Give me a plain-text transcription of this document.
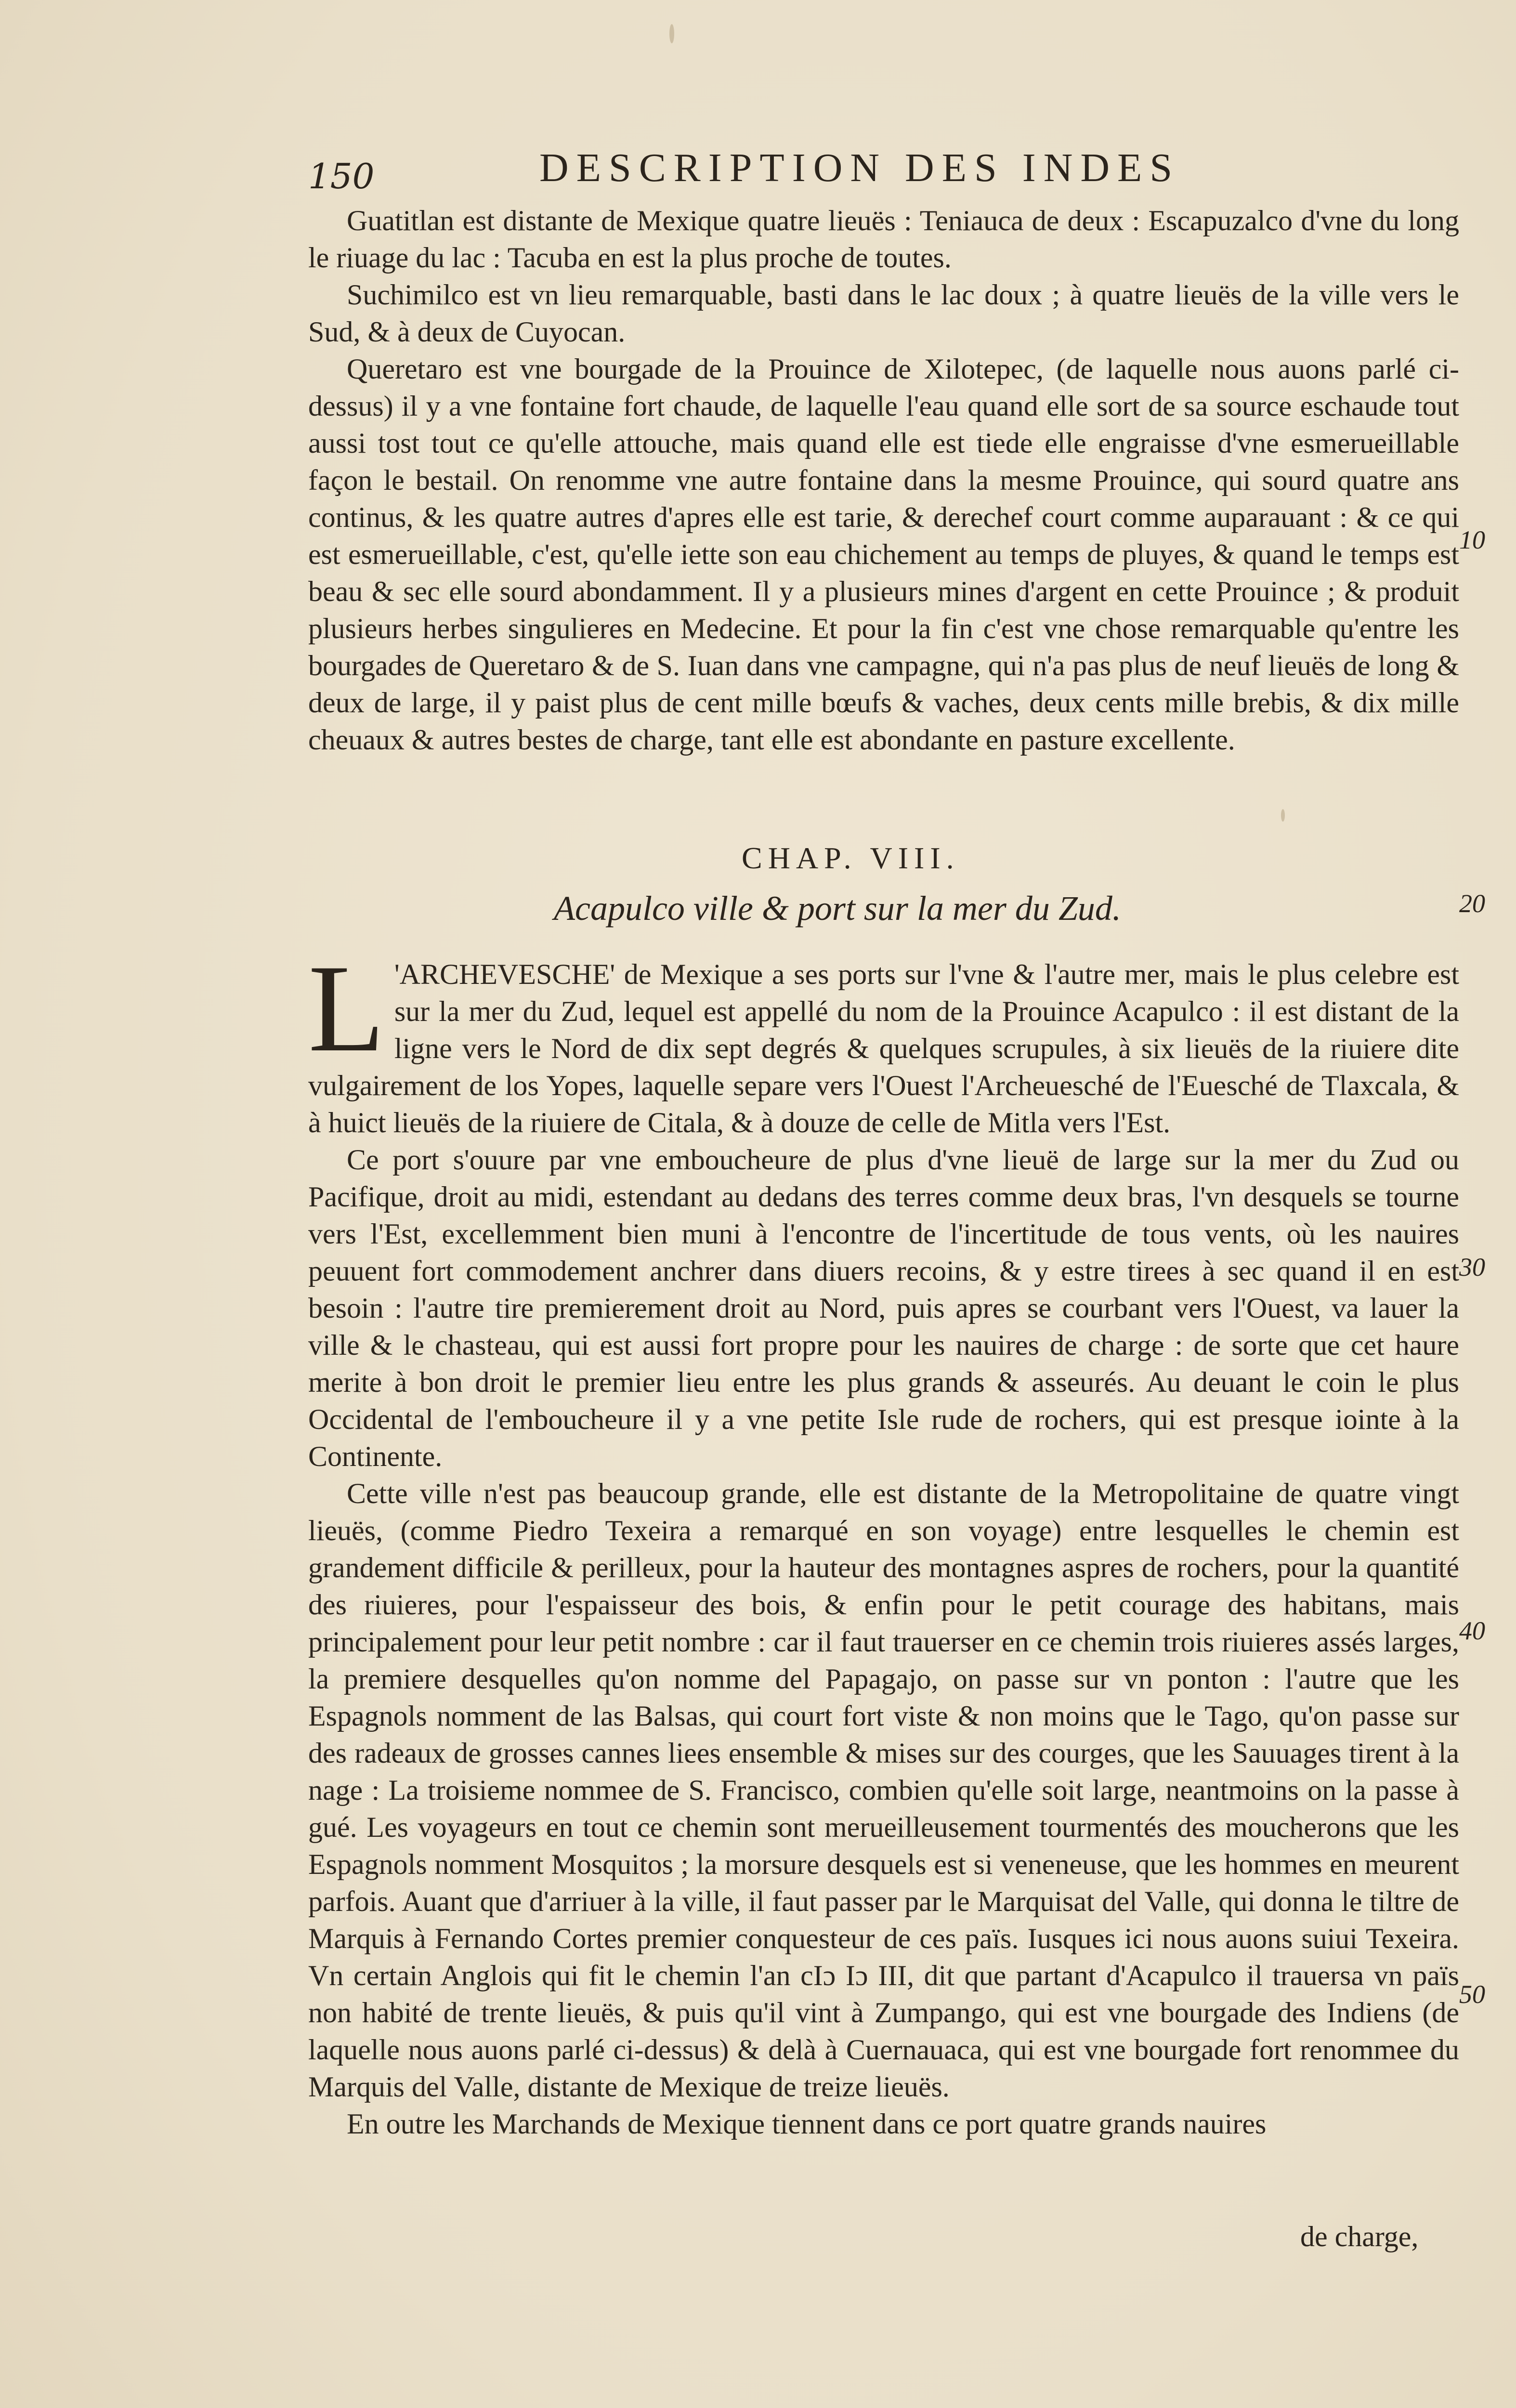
150	DESCRIPTION DES INDES

Guatitlan est distante de Mexique quatre lieuës : Teniauca de deux : Escapuzalco d'vne du long le riuage du lac : Tacuba en est la plus proche de toutes.

Suchimilco est vn lieu remarquable, basti dans le lac doux ; à quatre lieuës de la ville vers le Sud, & à deux de Cuyocan.

Queretaro est vne bourgade de la Prouince de Xilotepec, (de laquelle nous auons parlé ci-dessus) il y a vne fontaine fort chaude, de laquelle l'eau quand elle sort de sa source eschaude tout aussi tost tout ce qu'elle attouche, mais quand elle est tiede elle engraisse d'vne esmerueillable façon le bestail. On renomme vne autre fontaine dans la mesme Prouince, qui sourd quatre ans continus, & les quatre autres d'apres elle est tarie, & derechef court comme auparauant : & ce qui est esmerueillable, c'est, qu'elle iette son eau chichement au temps de pluyes, & quand le temps est beau & sec elle sourd abondamment. Il y a plusieurs mines d'argent en cette Prouince ; & produit plusieurs herbes singulieres en Medecine. Et pour la fin c'est vne chose remarquable qu'entre les bourgades de Queretaro & de S. Iuan dans vne campagne, qui n'a pas plus de neuf lieuës de long & deux de large, il y paist plus de cent mille bœufs & vaches, deux cents mille brebis, & dix mille cheuaux & autres bestes de charge, tant elle est abondante en pasture excellente.

10
CHAP. VIII.
Acapulco ville & port sur la mer du Zud.	20

L 'ARCHEVESCHE' de Mexique a ses ports sur l'vne & l'autre mer, mais le plus celebre est sur la mer du Zud, lequel est appellé du nom de la Prouince Acapulco : il est distant de la ligne vers le Nord de dix sept degrés & quelques scrupules, à six lieuës de la riuiere dite vulgairement de los Yopes, laquelle separe vers l'Ouest l'Archeuesché de l'Euesché de Tlaxcala, & à huict lieuës de la riuiere de Citala, & à douze de celle de Mitla vers l'Est.

Ce port s'ouure par vne emboucheure de plus d'vne lieuë de large sur la mer du Zud ou Pacifique, droit au midi, estendant au dedans des terres comme deux bras, l'vn desquels se tourne vers l'Est, excellemment bien muni à l'encontre de l'incertitude de tous vents, où les nauires peuuent fort commodement anchrer dans diuers recoins, & y estre tirees à sec quand il en est besoin : l'autre tire premierement droit au Nord, puis apres se courbant vers l'Ouest, va lauer la ville & le chasteau, qui est aussi fort propre pour les nauires de charge : de sorte que cet haure merite à bon droit le premier lieu entre les plus grands & asseurés. Au deuant le coin le plus Occidental de l'emboucheure il y a vne petite Isle rude de rochers, qui est presque iointe à la Continente.

Cette ville n'est pas beaucoup grande, elle est distante de la Metropolitaine de quatre vingt lieuës, (comme Piedro Texeira a remarqué en son voyage) entre lesquelles le chemin est grandement difficile & perilleux, pour la hauteur des montagnes aspres de rochers, pour la quantité des riuieres, pour l'espaisseur des bois, & enfin pour le petit courage des habitans, mais principalement pour leur petit nombre : car il faut trauerser en ce chemin trois riuieres assés larges, la premiere desquelles qu'on nomme del Papagajo, on passe sur vn ponton : l'autre que les Espagnols nomment de las Balsas, qui court fort viste & non moins que le Tago, qu'on passe sur des radeaux de grosses cannes liees ensemble & mises sur des courges, que les Sauuages tirent à la nage : La troisieme nommee de S. Francisco, combien qu'elle soit large, neantmoins on la passe à gué. Les voyageurs en tout ce chemin sont merueilleusement tourmentés des moucherons que les Espagnols nomment Mosquitos ; la morsure desquels est si veneneuse, que les hommes en meurent parfois. Auant que d'arriuer à la ville, il faut passer par le Marquisat del Valle, qui donna le tiltre de Marquis à Fernando Cortes premier conquesteur de ces païs. Iusques ici nous auons suiui Texeira. Vn certain Anglois qui fit le chemin l'an cIɔ Iɔ III, dit que partant d'Acapulco il trauersa vn païs non habité de trente lieuës, & puis qu'il vint à Zumpango, qui est vne bourgade des Indiens (de laquelle nous auons parlé ci-dessus) & delà à Cuernauaca, qui est vne bourgade fort renommee du Marquis del Valle, distante de Mexique de treize lieuës.

En outre les Marchands de Mexique tiennent dans ce port quatre grands nauires

30
40
50
de charge,
